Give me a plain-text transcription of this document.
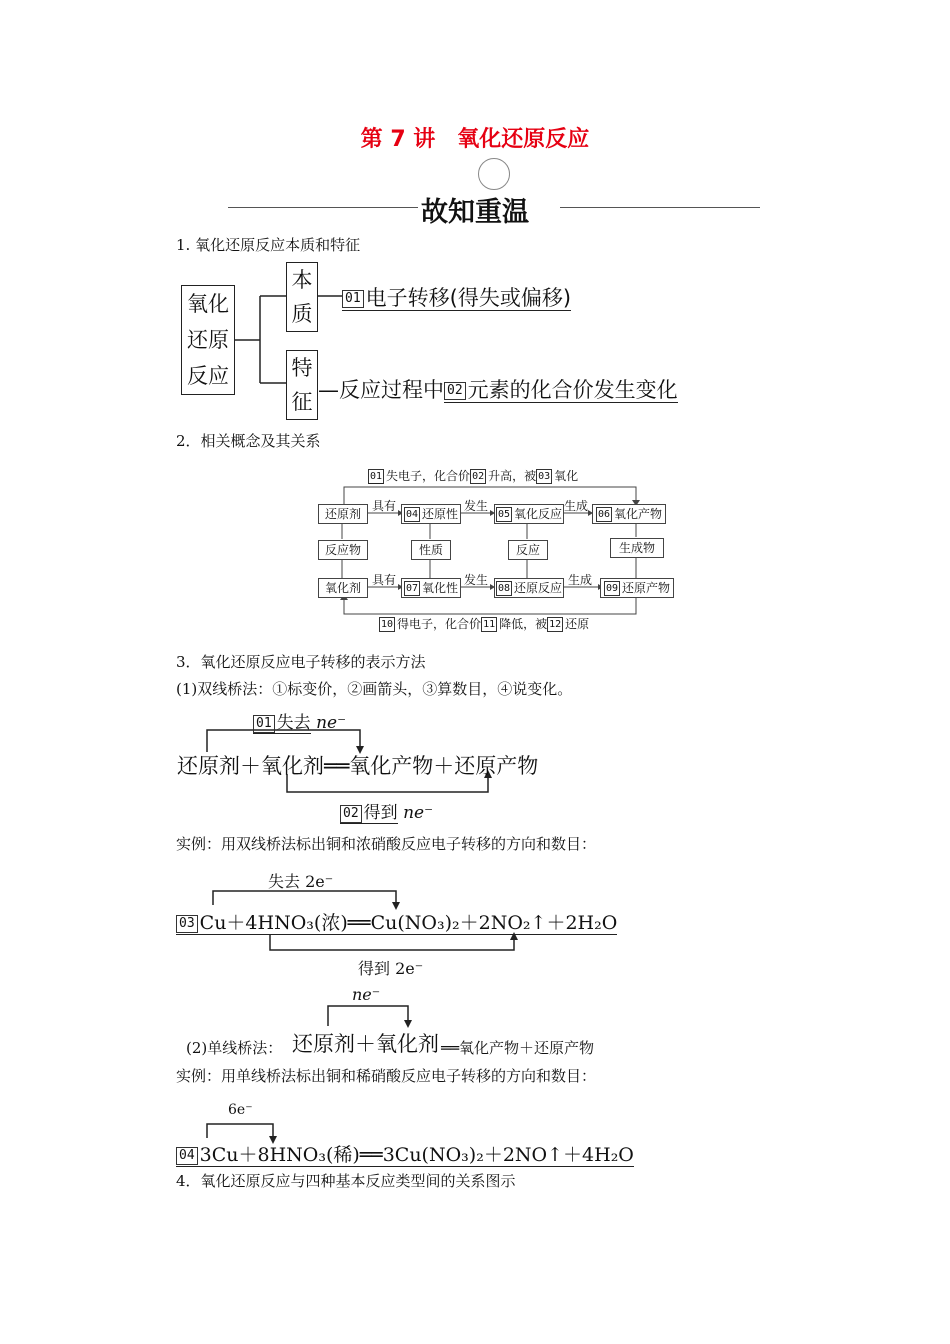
第 7 讲　氧化还原反应
故知重温
1. 氧化还原反应本质和特征
氧化
还原
反应
本
质
特
征
01 电子转移(得失或偏移)
—反应过程中 02 元素的化合价发生变化
2．相关概念及其关系
01 失电子，化合价 02 升高，被 03 氧化
还原剂	04 还原性	05 氧化反应	06 氧化产物
具有	发生	生成
反应物	性质	反应	生成物
氧化剂	07 氧化性	08 还原反应	09 还原产物
具有	发生	生成
10 得电子，化合价 11 降低，被 12 还原
3．氧化还原反应电子转移的表示方法
(1)双线桥法：①标变价，②画箭头，③算数目，④说变化。
01 失去 ne⁻
还原剂＋氧化剂══氧化产物＋还原产物
02 得到 ne⁻
实例：用双线桥法标出铜和浓硝酸反应电子转移的方向和数目：
失去 2e⁻
03 Cu＋4HNO₃(浓)══Cu(NO₃)₂＋2NO₂↑＋2H₂O
得到 2e⁻
ne⁻
(2)单线桥法： 还原剂＋氧化剂 ══氧化产物＋还原产物
实例：用单线桥法标出铜和稀硝酸反应电子转移的方向和数目：
6e⁻
04 3Cu＋8HNO₃(稀)══3Cu(NO₃)₂＋2NO↑＋4H₂O
4．氧化还原反应与四种基本反应类型间的关系图示
